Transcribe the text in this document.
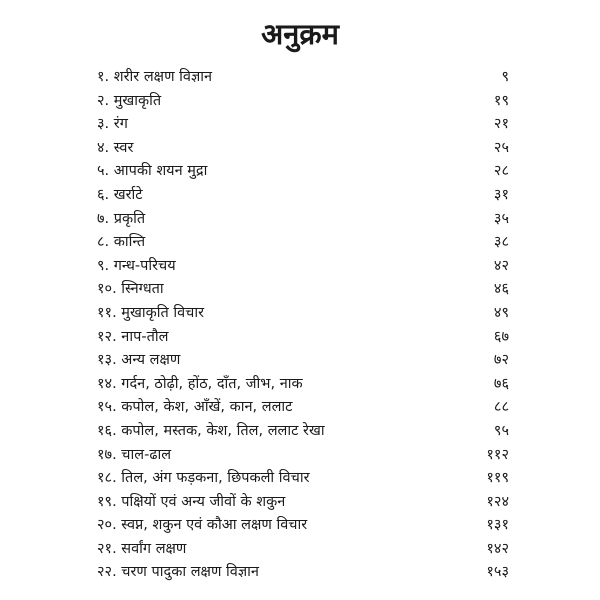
अनुक्रम
१. शरीर लक्षण विज्ञान	९
२. मुखाकृति	१९
३. रंग	२१
४. स्वर	२५
५. आपकी शयन मुद्रा	२८
६. खर्राटे	३१
७. प्रकृति	३५
८. कान्ति	३८
९. गन्ध-परिचय	४२
१०. स्निग्धता	४६
११. मुखाकृति विचार	४९
१२. नाप-तौल	६७
१३. अन्य लक्षण	७२
१४. गर्दन, ठोढ़ी, होंठ, दाँत, जीभ, नाक	७६
१५. कपोल, केश, आँखें, कान, ललाट	८८
१६. कपोल, मस्तक, केश, तिल, ललाट रेखा	९५
१७. चाल-ढाल	११२
१८. तिल, अंग फड़कना, छिपकली विचार	११९
१९. पक्षियों एवं अन्य जीवों के शकुन	१२४
२०. स्वप्न, शकुन एवं कौआ लक्षण विचार	१३१
२१. सर्वांग लक्षण	१४२
२२. चरण पादुका लक्षण विज्ञान	१५३
